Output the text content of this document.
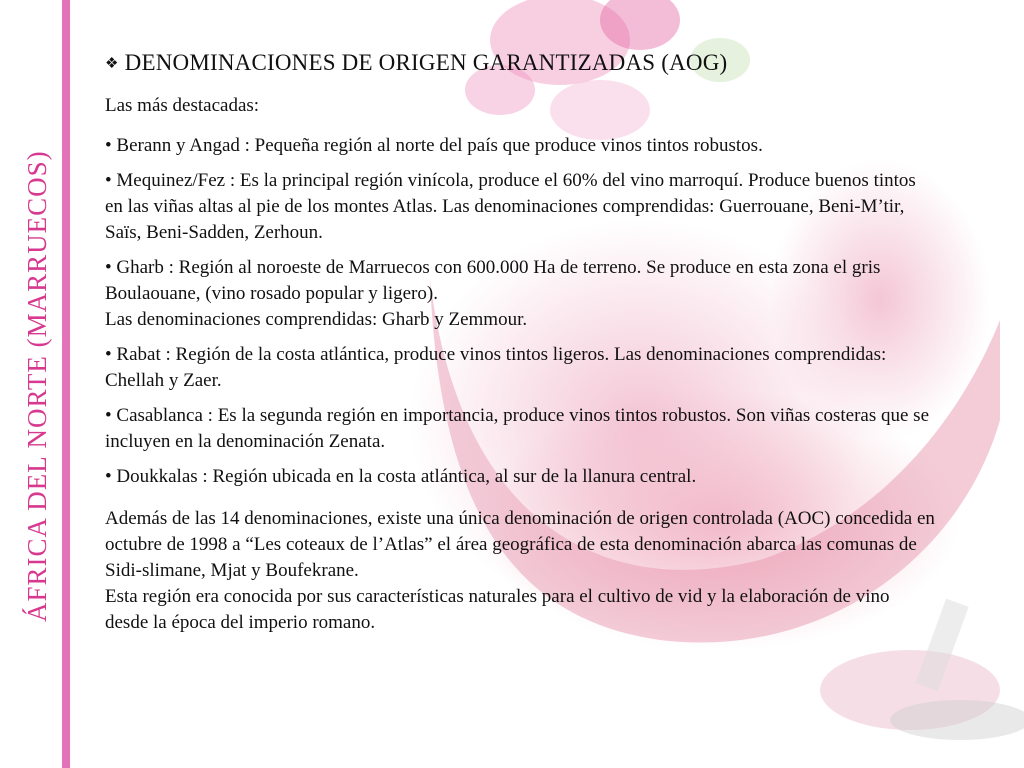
ÁFRICA DEL NORTE (MARRUECOS)
❖ DENOMINACIONES DE ORIGEN GARANTIZADAS (AOG)
Las más destacadas:
• Berann y Angad : Pequeña región al norte del país que produce vinos tintos robustos.
• Mequinez/Fez : Es la principal región vinícola, produce el 60% del vino marroquí. Produce buenos tintos en las viñas altas al pie de los montes Atlas. Las denominaciones comprendidas: Guerrouane, Beni-M’tir, Saïs, Beni-Sadden, Zerhoun.
• Gharb : Región al noroeste de Marruecos con 600.000 Ha de terreno. Se produce en esta zona el gris Boulaouane, (vino rosado popular y ligero).
Las denominaciones comprendidas: Gharb y Zemmour.
• Rabat : Región de la costa atlántica, produce vinos tintos ligeros. Las denominaciones comprendidas: Chellah y Zaer.
• Casablanca : Es la segunda región en importancia, produce vinos tintos robustos. Son viñas costeras que se incluyen en la denominación Zenata.
• Doukkalas : Región ubicada en la costa atlántica, al sur de la llanura central.
Además de las 14 denominaciones, existe una única denominación de origen controlada (AOC) concedida en octubre de 1998 a “Les coteaux de l’Atlas” el área geográfica de esta denominación abarca las comunas de Sidi-slimane, Mjat y Boufekrane.
Esta región era conocida por sus características naturales para el cultivo de vid y la elaboración de vino desde la época del imperio romano.
